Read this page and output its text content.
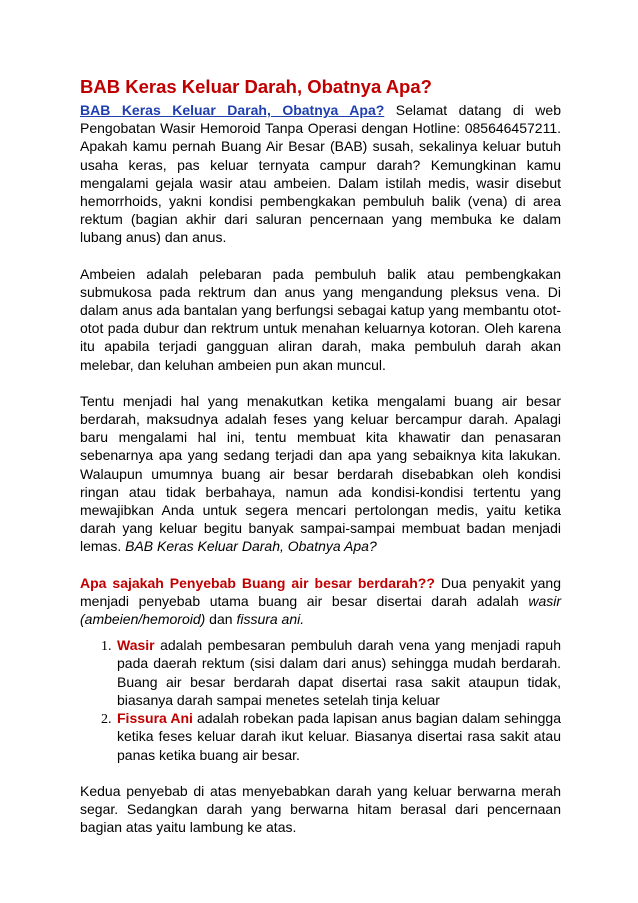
BAB Keras Keluar Darah, Obatnya Apa?

BAB Keras Keluar Darah, Obatnya Apa? Selamat datang di web Pengobatan Wasir Hemoroid Tanpa Operasi dengan Hotline: 085646457211. Apakah kamu pernah Buang Air Besar (BAB) susah, sekalinya keluar butuh usaha keras, pas keluar ternyata campur darah? Kemungkinan kamu mengalami gejala wasir atau ambeien. Dalam istilah medis, wasir disebut hemorrhoids, yakni kondisi pembengkakan pembuluh balik (vena) di area rektum (bagian akhir dari saluran pencernaan yang membuka ke dalam lubang anus) dan anus.

Ambeien adalah pelebaran pada pembuluh balik atau pembengkakan submukosa pada rektrum dan anus yang mengandung pleksus vena. Di dalam anus ada bantalan yang berfungsi sebagai katup yang membantu otot-otot pada dubur dan rektrum untuk menahan keluarnya kotoran. Oleh karena itu apabila terjadi gangguan aliran darah, maka pembuluh darah akan melebar, dan keluhan ambeien pun akan muncul.

Tentu menjadi hal yang menakutkan ketika mengalami buang air besar berdarah, maksudnya adalah feses yang keluar bercampur darah. Apalagi baru mengalami hal ini, tentu membuat kita khawatir dan penasaran sebenarnya apa yang sedang terjadi dan apa yang sebaiknya kita lakukan. Walaupun umumnya buang air besar berdarah disebabkan oleh kondisi ringan atau tidak berbahaya, namun ada kondisi-kondisi tertentu yang mewajibkan Anda untuk segera mencari pertolongan medis, yaitu ketika darah yang keluar begitu banyak sampai-sampai membuat badan menjadi lemas. BAB Keras Keluar Darah, Obatnya Apa?

Apa sajakah Penyebab Buang air besar berdarah?? Dua penyakit yang menjadi penyebab utama buang air besar disertai darah adalah wasir (ambeien/hemoroid) dan fissura ani.

1. Wasir adalah pembesaran pembuluh darah vena yang menjadi rapuh pada daerah rektum (sisi dalam dari anus) sehingga mudah berdarah. Buang air besar berdarah dapat disertai rasa sakit ataupun tidak, biasanya darah sampai menetes setelah tinja keluar
2. Fissura Ani adalah robekan pada lapisan anus bagian dalam sehingga ketika feses keluar darah ikut keluar. Biasanya disertai rasa sakit atau panas ketika buang air besar.

Kedua penyebab di atas menyebabkan darah yang keluar berwarna merah segar. Sedangkan darah yang berwarna hitam berasal dari pencernaan bagian atas yaitu lambung ke atas.
